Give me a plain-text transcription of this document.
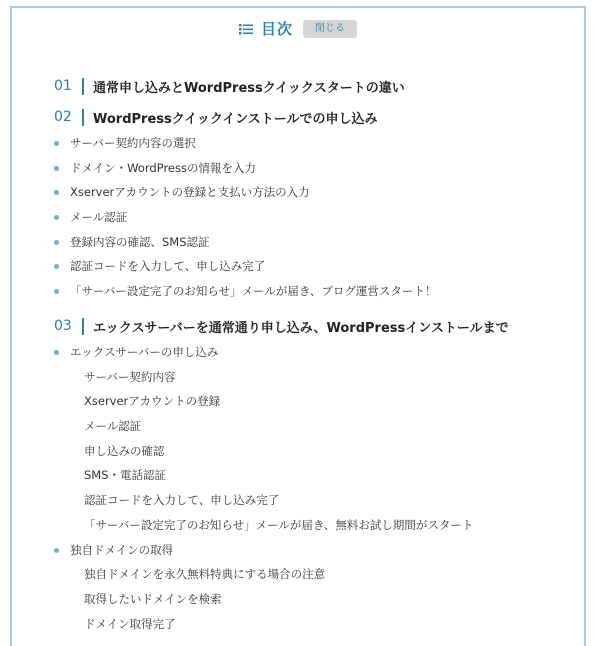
目次	閉じる
01	通常申し込みとWordPressクイックスタートの違い
02	WordPressクイックインストールでの申し込み
サーバー契約内容の選択
ドメイン・WordPressの情報を入力
Xserverアカウントの登録と支払い方法の入力
メール認証
登録内容の確認、SMS認証
認証コードを入力して、申し込み完了
「サーバー設定完了のお知らせ」メールが届き、ブログ運営スタート！
03	エックスサーバーを通常通り申し込み、WordPressインストールまで
エックスサーバーの申し込み
サーバー契約内容
Xserverアカウントの登録
メール認証
申し込みの確認
SMS・電話認証
認証コードを入力して、申し込み完了
「サーバー設定完了のお知らせ」メールが届き、無料お試し期間がスタート
独自ドメインの取得
独自ドメインを永久無料特典にする場合の注意
取得したいドメインを検索
ドメイン取得完了
